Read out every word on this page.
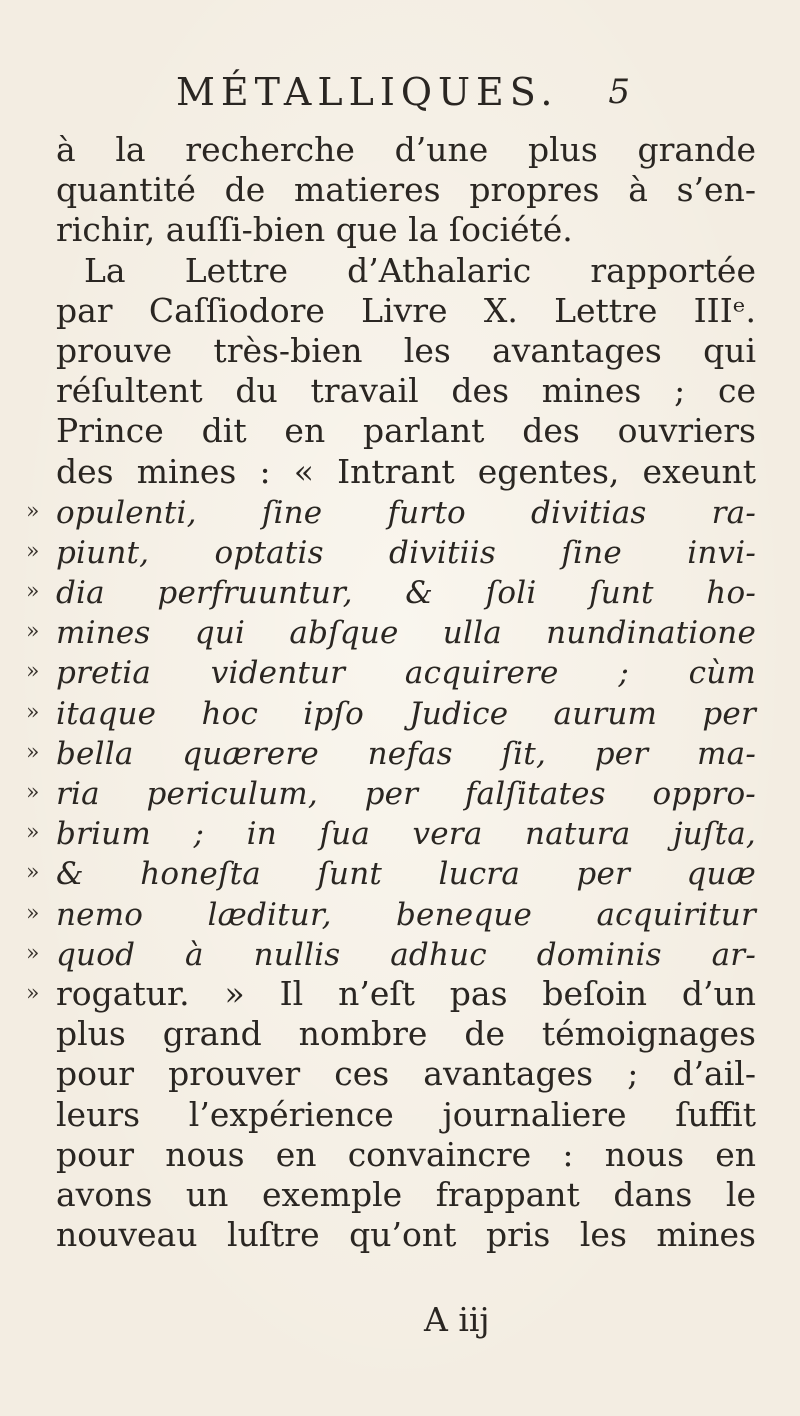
MÉTALLIQUES. 5
à la recherche d’une plus grande
quantité de matieres propres à s’en-
richir, auſſi-bien que la ſociété.
La Lettre d’Athalaric rapportée
par Caſſiodore Livre X. Lettre IIIᵉ.
prouve très-bien les avantages qui
réſultent du travail des mines ; ce
Prince dit en parlant des ouvriers
des mines : « Intrant egentes, exeunt
» opulenti, ſine furto divitias ra-
» piunt, optatis divitiis ſine invi-
» dia perfruuntur, & ſoli ſunt ho-
» mines qui abſque ulla nundinatione
» pretia videntur acquirere ; cùm
» itaque hoc ipſo Judice aurum per
» bella quærere nefas ſit, per ma-
» ria periculum, per falſitates oppro-
» brium ; in ſua vera natura juſta,
» & honeſta ſunt lucra per quæ
» nemo læditur, beneque acquiritur
» quod à nullis adhuc dominis ar-
» rogatur. » Il n’eſt pas beſoin d’un
plus grand nombre de témoignages
pour prouver ces avantages ; d’ail-
leurs l’expérience journaliere ſuffit
pour nous en convaincre : nous en
avons un exemple frappant dans le
nouveau luſtre qu’ont pris les mines
A iij
